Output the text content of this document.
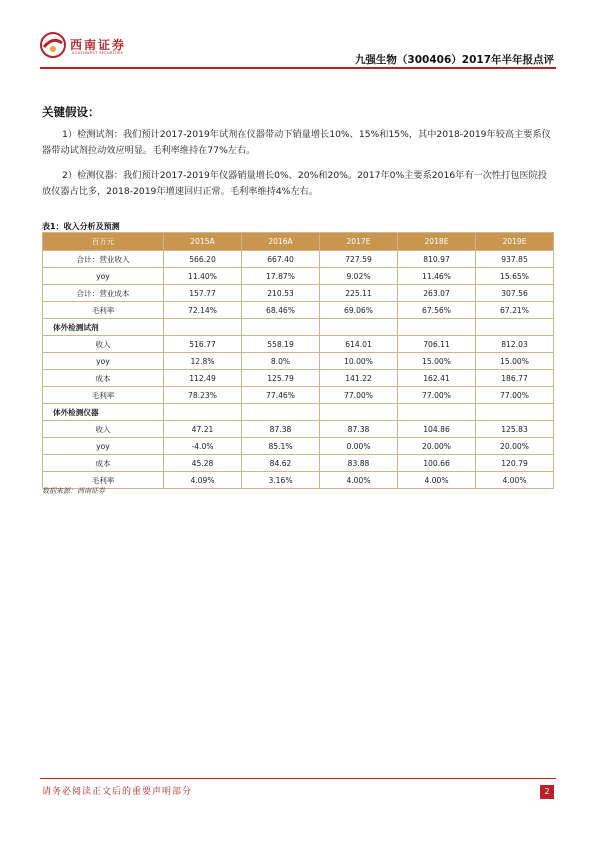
西南证券
SOUTHWEST SECURITIES
九强生物（300406）2017年半年报点评
关键假设：
1）检测试剂：我们预计2017-2019年试剂在仪器带动下销量增长10%、15%和15%，其中2018-2019年较高主要系仪器带动试剂拉动效应明显。毛利率维持在77%左右。
2）检测仪器：我们预计2017-2019年仪器销量增长0%、20%和20%。2017年0%主要系2016年有一次性打包医院投放仪器占比多，2018-2019年增速回归正常。毛利率维持4%左右。
表1：收入分析及预测
百万元	2015A	2016A	2017E	2018E	2019E
合计：营业收入	566.20	667.40	727.59	810.97	937.85
yoy	11.40%	17.87%	9.02%	11.46%	15.65%
合计：营业成本	157.77	210.53	225.11	263.07	307.56
毛利率	72.14%	68.46%	69.06%	67.56%	67.21%
体外检测试剂					
收入	516.77	558.19	614.01	706.11	812.03
yoy	12.8%	8.0%	10.00%	15.00%	15.00%
成本	112.49	125.79	141.22	162.41	186.77
毛利率	78.23%	77.46%	77.00%	77.00%	77.00%
体外检测仪器					
收入	47.21	87.38	87.38	104.86	125.83
yoy	-4.0%	85.1%	0.00%	20.00%	20.00%
成本	45.28	84.62	83.88	100.66	120.79
毛利率	4.09%	3.16%	4.00%	4.00%	4.00%
数据来源：西南证券
请务必阅读正文后的重要声明部分	2
